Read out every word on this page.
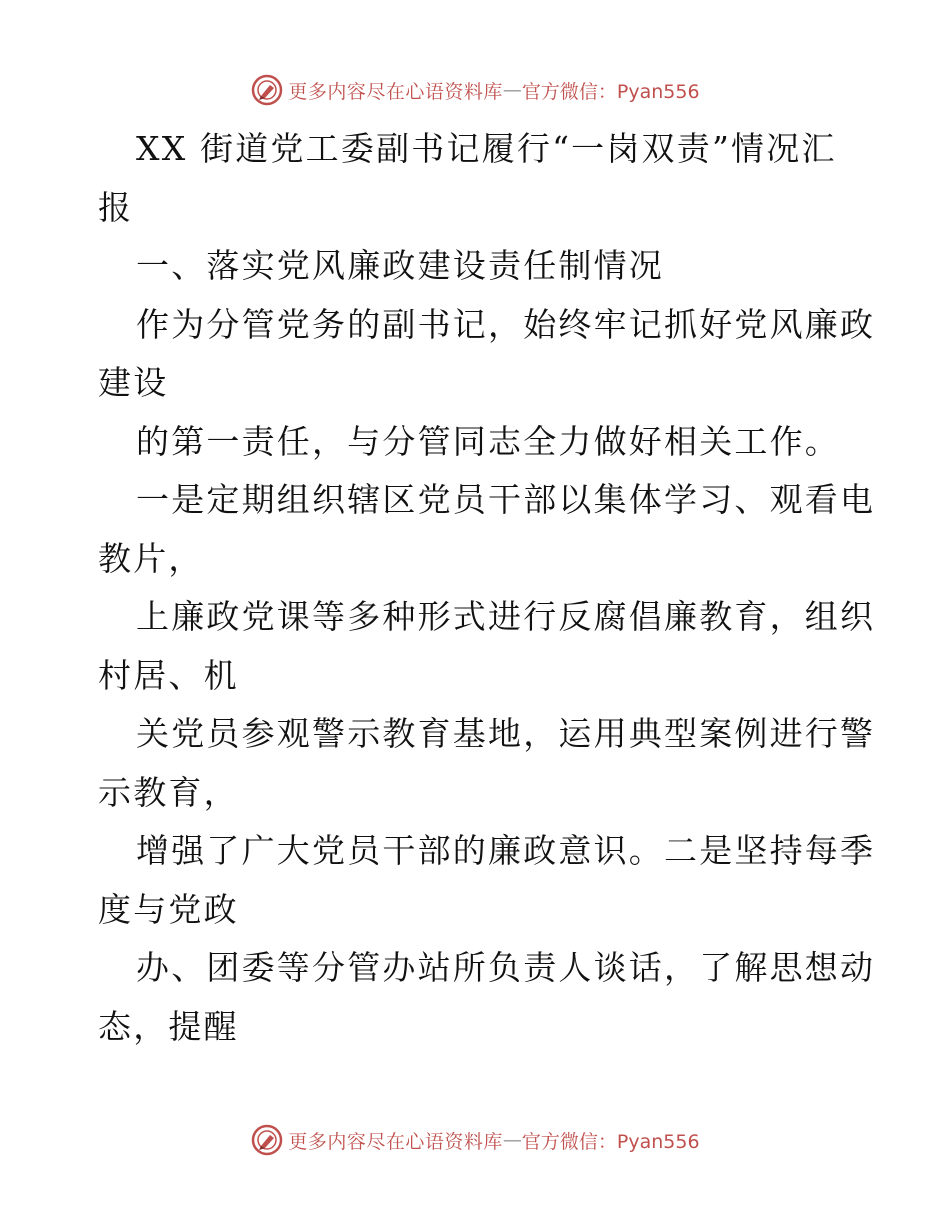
更多内容尽在心语资料库 — 官方微信：Pyan556
XX 街道党工委副书记履行“一岗双责”情况汇
报
一、落实党风廉政建设责任制情况
作为分管党务的副书记，始终牢记抓好党风廉政
建设
的第一责任，与分管同志全力做好相关工作。
一是定期组织辖区党员干部以集体学习、观看电
教片，
上廉政党课等多种形式进行反腐倡廉教育，组织
村居、机
关党员参观警示教育基地，运用典型案例进行警
示教育，
增强了广大党员干部的廉政意识。二是坚持每季
度与党政
办、团委等分管办站所负责人谈话，了解思想动
态，提醒
更多内容尽在心语资料库 — 官方微信：Pyan556
